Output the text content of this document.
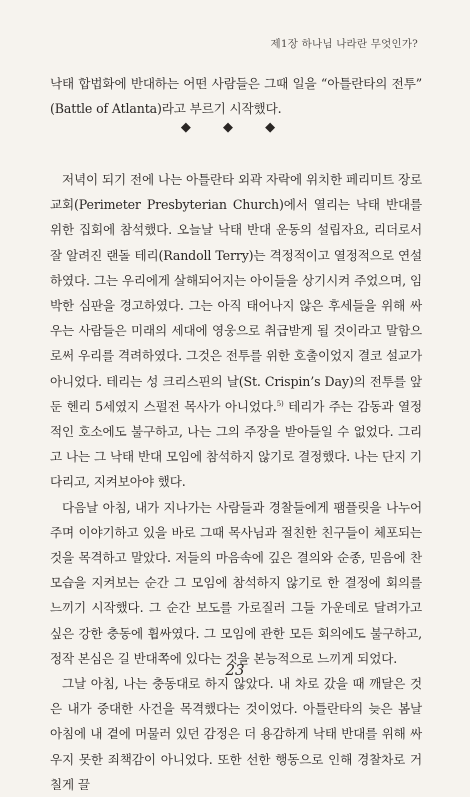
제1장 하나님 나라란 무엇인가?
낙태 합법화에 반대하는 어떤 사람들은 그때 일을 “아틀란타의 전투” (Battle of Atlanta)라고 부르기 시작했다.
◆ ◆ ◆

저녁이 되기 전에 나는 아틀란타 외곽 자락에 위치한 페리미트 장로교회(Perimeter Presbyterian Church)에서 열리는 낙태 반대를 위한 집회에 참석했다. 오늘날 낙태 반대 운동의 설립자요, 리더로서 잘 알려진 랜돌 테리(Randoll Terry)는 격정적이고 열정적으로 연설하였다. 그는 우리에게 살해되어지는 아이들을 상기시켜 주었으며, 임박한 심판을 경고하였다. 그는 아직 태어나지 않은 후세들을 위해 싸우는 사람들은 미래의 세대에 영웅으로 취급받게 될 것이라고 말함으로써 우리를 격려하였다. 그것은 전투를 위한 호출이었지 결코 설교가 아니었다. 테리는 성 크리스핀의 날(St. Crispin’s Day)의 전투를 앞둔 헨리 5세였지 스펄전 목사가 아니었다.$^{5)}$ 테리가 주는 감동과 열정적인 호소에도 불구하고, 나는 그의 주장을 받아들일 수 없었다. 그리고 나는 그 낙태 반대 모임에 참석하지 않기로 결정했다. 나는 단지 기다리고, 지켜보아야 했다.

다음날 아침, 내가 지나가는 사람들과 경찰들에게 팸플릿을 나누어주며 이야기하고 있을 바로 그때 목사님과 절친한 친구들이 체포되는 것을 목격하고 말았다. 저들의 마음속에 깊은 결의와 순종, 믿음에 찬 모습을 지켜보는 순간 그 모임에 참석하지 않기로 한 결정에 회의를 느끼기 시작했다. 그 순간 보도를 가로질러 그들 가운데로 달려가고 싶은 강한 충동에 휩싸였다. 그 모임에 관한 모든 회의에도 불구하고, 정작 본심은 길 반대쪽에 있다는 것을 본능적으로 느끼게 되었다.

그날 아침, 나는 충동대로 하지 않았다. 내 차로 갔을 때 깨달은 것은 내가 중대한 사건을 목격했다는 것이었다. 아틀란타의 늦은 봄날 아침에 내 곁에 머물러 있던 감정은 더 용감하게 낙태 반대를 위해 싸우지 못한 죄책감이 아니었다. 또한 선한 행동으로 인해 경찰차로 거칠게 끌

23
